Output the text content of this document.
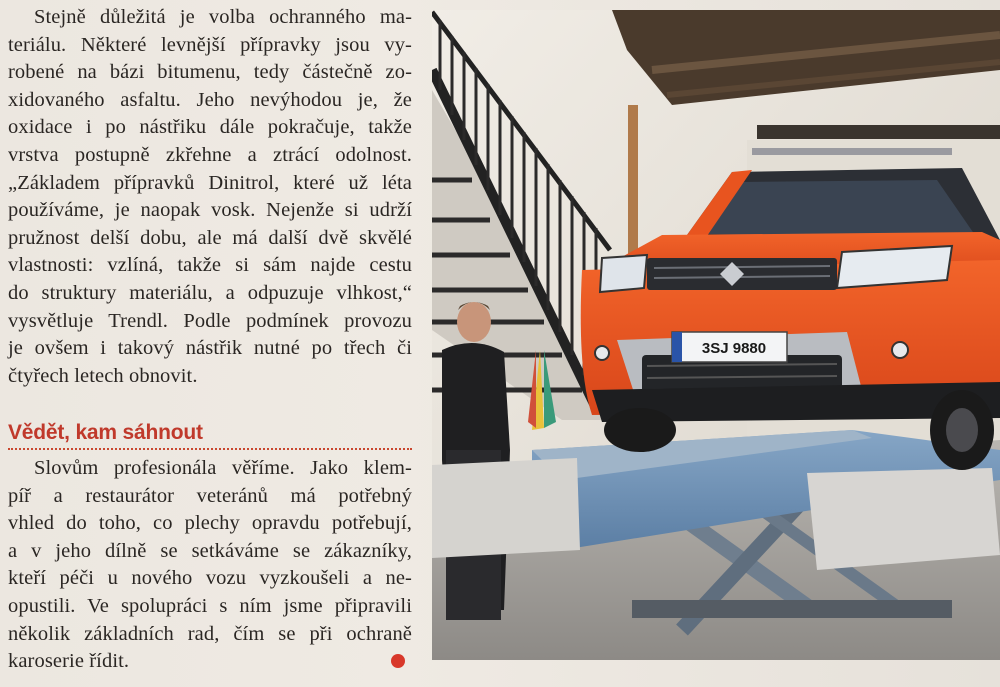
Stejně důležitá je volba ochranného ma-
teriálu. Některé levnější přípravky jsou vy-
robené na bázi bitumenu, tedy částečně zo-
xidovaného asfaltu. Jeho nevýhodou je, že
oxidace i po nástřiku dále pokračuje, takže
vrstva postupně zkřehne a ztrácí odolnost.
„Základem přípravků Dinitrol, které už léta
používáme, je naopak vosk. Nejenže si udrží
pružnost delší dobu, ale má další dvě skvělé
vlastnosti: vzlíná, takže si sám najde cestu
do struktury materiálu, a odpuzuje vlhkost,“
vysvětluje Trendl. Podle podmínek provozu
je ovšem i takový nástřik nutné po třech či
čtyřech letech obnovit.

Vědět, kam sáhnout

Slovům profesionála věříme. Jako klem-
píř a restaurátor veteránů má potřebný
vhled do toho, co plechy opravdu potřebují,
a v jeho dílně se setkáváme se zákazníky,
kteří péči u nového vozu vyzkoušeli a ne-
opustili. Ve spolupráci s ním jsme připravili
několik základních rad, čím se při ochraně
karoserie řídit.

3SJ 9880
